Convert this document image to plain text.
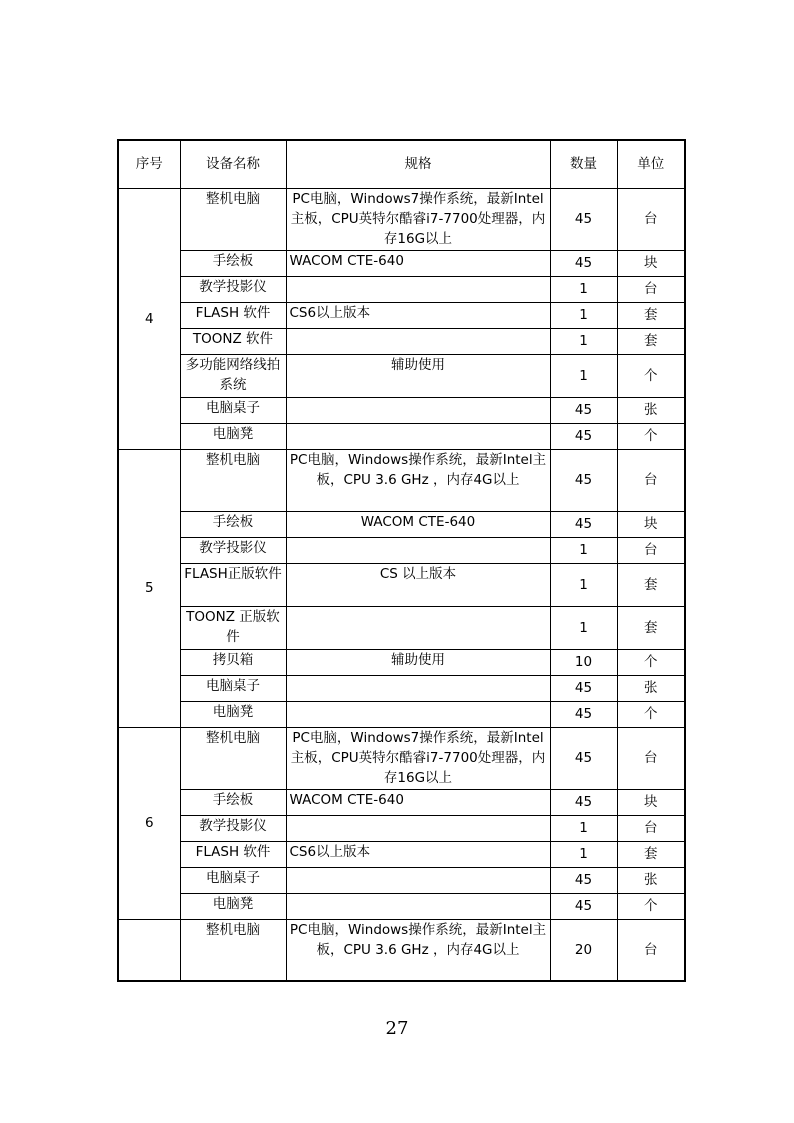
序号	设备名称	规格	数量	单位
4	整机电脑	PC电脑，Windows7操作系统，最新Intel主板，CPU英特尔酷睿i7-7700处理器，内存16G以上	45	台
	手绘板	WACOM CTE-640	45	块
	教学投影仪		1	台
	FLASH 软件	CS6以上版本	1	套
	TOONZ 软件		1	套
	多功能网络线拍系统	辅助使用	1	个
	电脑桌子		45	张
	电脑凳		45	个
5	整机电脑	PC电脑，Windows操作系统，最新Intel主板，CPU 3.6 GHz ，内存4G以上	45	台
	手绘板	WACOM CTE-640	45	块
	教学投影仪		1	台
	FLASH正版软件	CS 以上版本	1	套
	TOONZ 正版软件		1	套
	拷贝箱	辅助使用	10	个
	电脑桌子		45	张
	电脑凳		45	个
6	整机电脑	PC电脑，Windows7操作系统，最新Intel主板，CPU英特尔酷睿i7-7700处理器，内存16G以上	45	台
	手绘板	WACOM CTE-640	45	块
	教学投影仪		1	台
	FLASH 软件	CS6以上版本	1	套
	电脑桌子		45	张
	电脑凳		45	个
	整机电脑	PC电脑，Windows操作系统，最新Intel主板，CPU 3.6 GHz ，内存4G以上	20	台
27
